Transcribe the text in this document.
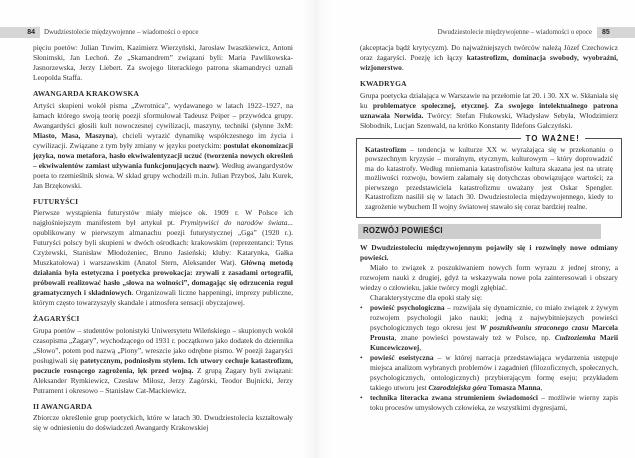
84	Dwudziestolecie międzywojenne – wiadomości o epoce

pięciu poetów: Julian Tuwim, Kazimierz Wierzyński, Jarosław Iwaszkiewicz, Antoni Słonimski, Jan Lechoń. Ze „Skamandrem” związani byli: Maria Pawlikowska-Jasnorzewska, Jerzy Liebert. Za swojego literackiego patrona skamandryci uznali Leopolda Staffa.

AWANGARDA KRAKOWSKA

Artyści skupieni wokół pisma „Zwrotnica”, wydawanego w latach 1922–1927, na łamach którego swoją teorię poezji sformułował Tadeusz Peiper – przywódca grupy. Awangardyści głosili kult nowoczesnej cywilizacji, maszyny, techniki (słynne 3xM: Miasto, Masa, Maszyna), chcieli wyrazić dynamikę współczesnego im życia i cywilizacji. Związane z tym były zmiany w języku poetyckim: postulat ekonomizacji języka, nowa metafora, hasło ekwiwalentyzacji uczuć (tworzenia nowych określeń – ekwiwalentów zamiast używania funkcjonujących nazw). Według awangardystów poeta to rzemieślnik słowa. W skład grupy wchodzili m.in. Julian Przyboś, Jalu Kurek, Jan Brzękowski.

FUTURYŚCI

Pierwsze wystąpienia futurystów miały miejsce ok. 1909 r. W Polsce ich najgłośniejszym manifestem był artykuł pt. Prymitywiści do narodów świata... opublikowany w pierwszym almanachu poezji futurystycznej „Gga” (1920 r.). Futuryści polscy byli skupieni w dwóch ośrodkach: krakowskim (reprezentanci: Tytus Czyżewski, Stanisław Młodożeniec, Bruno Jasieński; kluby: Katarynka, Gałka Muszkatołowa) i warszawskim (Anatol Stern, Aleksander Wat). Główną metodą działania była estetyczna i poetycka prowokacja: zrywali z zasadami ortografii, próbowali realizować hasło „słowa na wolności”, domagając się odrzucenia reguł gramatycznych i składniowych. Organizowali liczne happeningi, imprezy publiczne, którym często towarzyszyły skandale i atmosfera sensacji obyczajowej.

ŻAGARYŚCI

Grupa poetów – studentów polonistyki Uniwersytetu Wileńskiego – skupionych wokół czasopisma „Żagary”, wychodzącego od 1931 r. początkowo jako dodatek do dziennika „Słowo”, potem pod nazwą „Piony”, wreszcie jako odrębne pismo. W poezji żagaryści posługiwali się patetycznym, podniosłym stylem. Ich utwory cechuje katastrofizm, poczucie rosnącego zagrożenia, lęk przed wojną. Z grupą Żagary byli związani: Aleksander Rymkiewicz, Czesław Miłosz, Jerzy Zagórski, Teodor Bujnicki, Jerzy Putrament i okresowo – Stanisław Cat-Mackiewicz.

II AWANGARDA

Zbiorcze określenie grup poetyckich, które w latach 30. Dwudziestolecia kształtowały się w odniesieniu do doświadczeń Awangardy Krakowskiej

Dwudziestolecie międzywojenne – wiadomości o epoce	85

(akceptacja bądź krytycyzm). Do najważniejszych twórców należą Józef Czechowicz oraz żagaryści. Poezję ich łączy katastrofizm, dominacja swobody, wyobraźni, wizjonerstwo.

KWADRYGA

Grupa poetycka działająca w Warszawie na przełomie lat 20. i 30. XX w. Skłaniała się ku problematyce społecznej, etycznej. Za swojego intelektualnego patrona uznawała Norwida. Twórcy: Stefan Flukowski, Władysław Sebyła, Włodzimierz Słobodnik, Lucjan Szenwald, na krótko Konstanty Ildefons Gałczyński.

TO WAŻNE!

Katastrofizm – tendencja w kulturze XX w. wyrażająca się w przekonaniu o powszechnym kryzysie – moralnym, etycznym, kulturowym – który doprowadzić ma do katastrofy. Według mniemania katastrofistów kultura skazana jest na utratę możliwości rozwoju, bowiem załamały się dotychczas obowiązujące wartości; za pierwszego przedstawiciela katastrofizmu uważany jest Oskar Spengler. Katastrofizm nasilił się w latach 30. Dwudziestolecia międzywojennego, kiedy to zagrożenie wybuchem II wojny światowej stawało się coraz bardziej realne.

ROZWÓJ POWIEŚCI

W Dwudziestoleciu międzywojennym pojawiły się i rozwinęły nowe odmiany powieści.

Miało to związek z poszukiwaniem nowych form wyrazu z jednej strony, a rozwojem nauki z drugiej, gdyż ta wskazywała nowe pola zainteresowań i obszary wiedzy o człowieku, jakie twórcy mogli zgłębiać.

Charakterystyczne dla epoki stały się:

•	powieść psychologiczna – rozwijała się dynamicznie, co miało związek z żywym rozwojem psychologii jako nauki; jedną z najwybitniejszych powieści psychologicznych tego okresu jest W poszukiwaniu straconego czasu Marcela Prousta, znane powieści powstawały też w Polsce, np. Cudzoziemka Marii Kuncewiczowej,
•	powieść eseistyczna – w której narracja przedstawiająca wydarzenia ustępuje miejsca analizom wybranych problemów i zagadnień (filozoficznych, społecznych, psychologicznych, ontologicznych) przybierającym formę eseju; przykładem takiego utworu jest Czarodziejska góra Tomasza Manna,
•	technika literacka zwana strumieniem świadomości – możliwie wierny zapis toku procesów umysłowych człowieka, ze wszystkimi dygresjami,
